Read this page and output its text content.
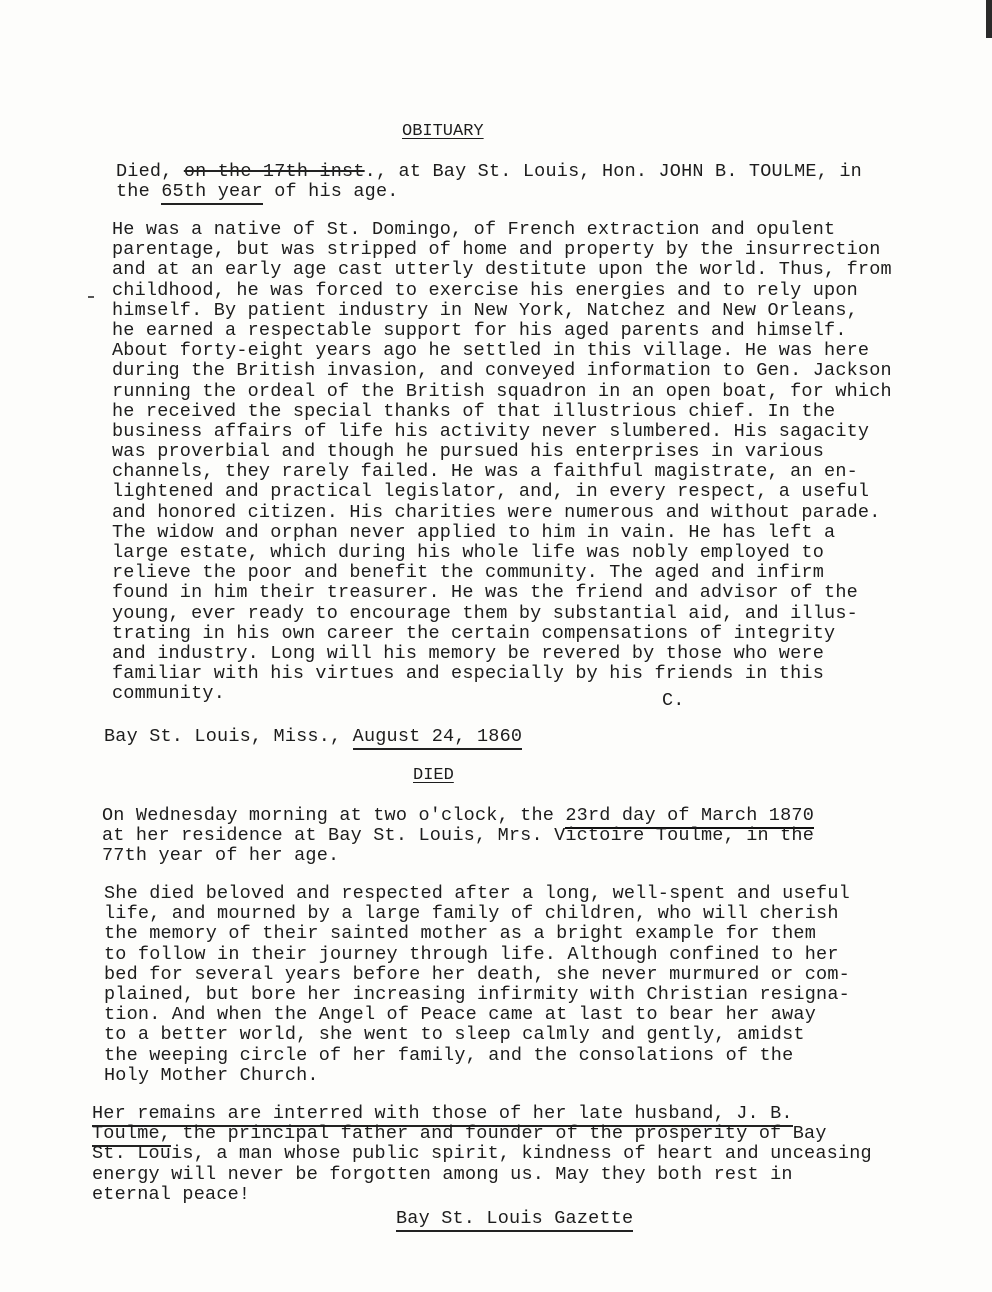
OBITUARY
Died, on the 17th inst., at Bay St. Louis, Hon. JOHN B. TOULME, in
the 65th year of his age.
He was a native of St. Domingo, of French extraction and opulent
parentage, but was stripped of home and property by the insurrection
and at an early age cast utterly destitute upon the world. Thus, from
childhood, he was forced to exercise his energies and to rely upon
himself. By patient industry in New York, Natchez and New Orleans,
he earned a respectable support for his aged parents and himself.
About forty-eight years ago he settled in this village. He was here
during the British invasion, and conveyed information to Gen. Jackson
running the ordeal of the British squadron in an open boat, for which
he received the special thanks of that illustrious chief. In the
business affairs of life his activity never slumbered. His sagacity
was proverbial and though he pursued his enterprises in various
channels, they rarely failed. He was a faithful magistrate, an en-
lightened and practical legislator, and, in every respect, a useful
and honored citizen. His charities were numerous and without parade.
The widow and orphan never applied to him in vain. He has left a
large estate, which during his whole life was nobly employed to
relieve the poor and benefit the community. The aged and infirm
found in him their treasurer. He was the friend and advisor of the
young, ever ready to encourage them by substantial aid, and illus-
trating in his own career the certain compensations of integrity
and industry. Long will his memory be revered by those who were
familiar with his virtues and especially by his friends in this
community.	C.
Bay St. Louis, Miss., August 24, 1860
DIED
On Wednesday morning at two o'clock, the 23rd day of March 1870
at her residence at Bay St. Louis, Mrs. Victoire Toulme, in the
77th year of her age.
She died beloved and respected after a long, well-spent and useful
life, and mourned by a large family of children, who will cherish
the memory of their sainted mother as a bright example for them
to follow in their journey through life. Although confined to her
bed for several years before her death, she never murmured or com-
plained, but bore her increasing infirmity with Christian resigna-
tion. And when the Angel of Peace came at last to bear her away
to a better world, she went to sleep calmly and gently, amidst
the weeping circle of her family, and the consolations of the
Holy Mother Church.
Her remains are interred with those of her late husband, J. B.
Toulme, the principal father and founder of the prosperity of Bay
St. Louis, a man whose public spirit, kindness of heart and unceasing
energy will never be forgotten among us. May they both rest in
eternal peace!
Bay St. Louis Gazette
